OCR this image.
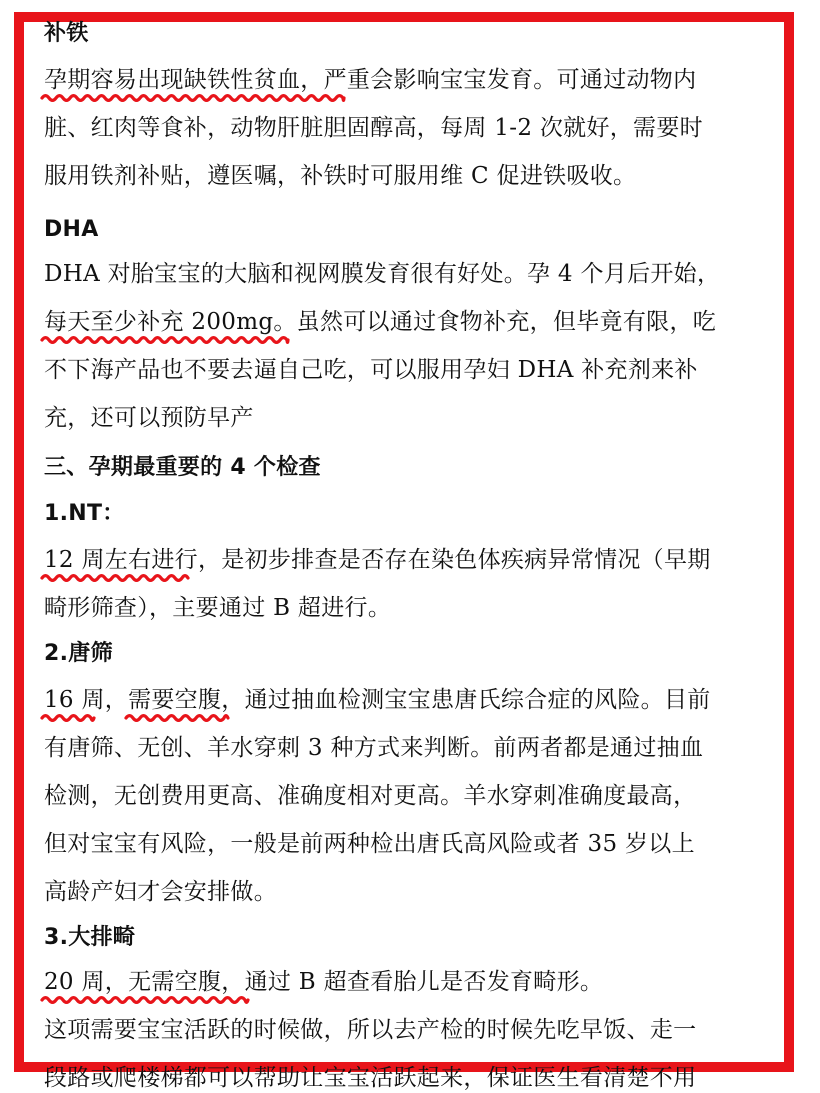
补铁
孕期容易出现缺铁性贫血，
严重会影响宝宝发育。可通过动物内
脏、红肉等食补，动物肝脏胆固醇高，每周 1-2 次就好，需要时
服用铁剂补贴，遵医嘱，补铁时可服用维 C 促进铁吸收。
DHA
DHA 对胎宝宝的大脑和视网膜发育很有好处。孕 4 个月后开始，
每天至少补充 200mg。
虽然可以通过食物补充，但毕竟有限，吃
不下海产品也不要去逼自己吃，可以服用孕妇 DHA 补充剂来补
充，还可以预防早产
三、孕期最重要的 4 个检查
1.NT：
12 周左右进行，
是初步排查是否存在染色体疾病异常情况（早期
畸形筛查），主要通过 B 超进行。
2.唐筛
16 周，
需要空腹，
通过抽血检测宝宝患唐氏综合症的风险。目前
有唐筛、无创、羊水穿刺 3 种方式来判断。前两者都是通过抽血
检测，无创费用更高、准确度相对更高。羊水穿刺准确度最高，
但对宝宝有风险，一般是前两种检出唐氏高风险或者 35 岁以上
高龄产妇才会安排做。
3.大排畸
20 周，无需空腹，
通过 B 超查看胎儿是否发育畸形。
这项需要宝宝活跃的时候做，所以去产检的时候先吃早饭、走一
段路或爬楼梯都可以帮助让宝宝活跃起来，保证医生看清楚不用
